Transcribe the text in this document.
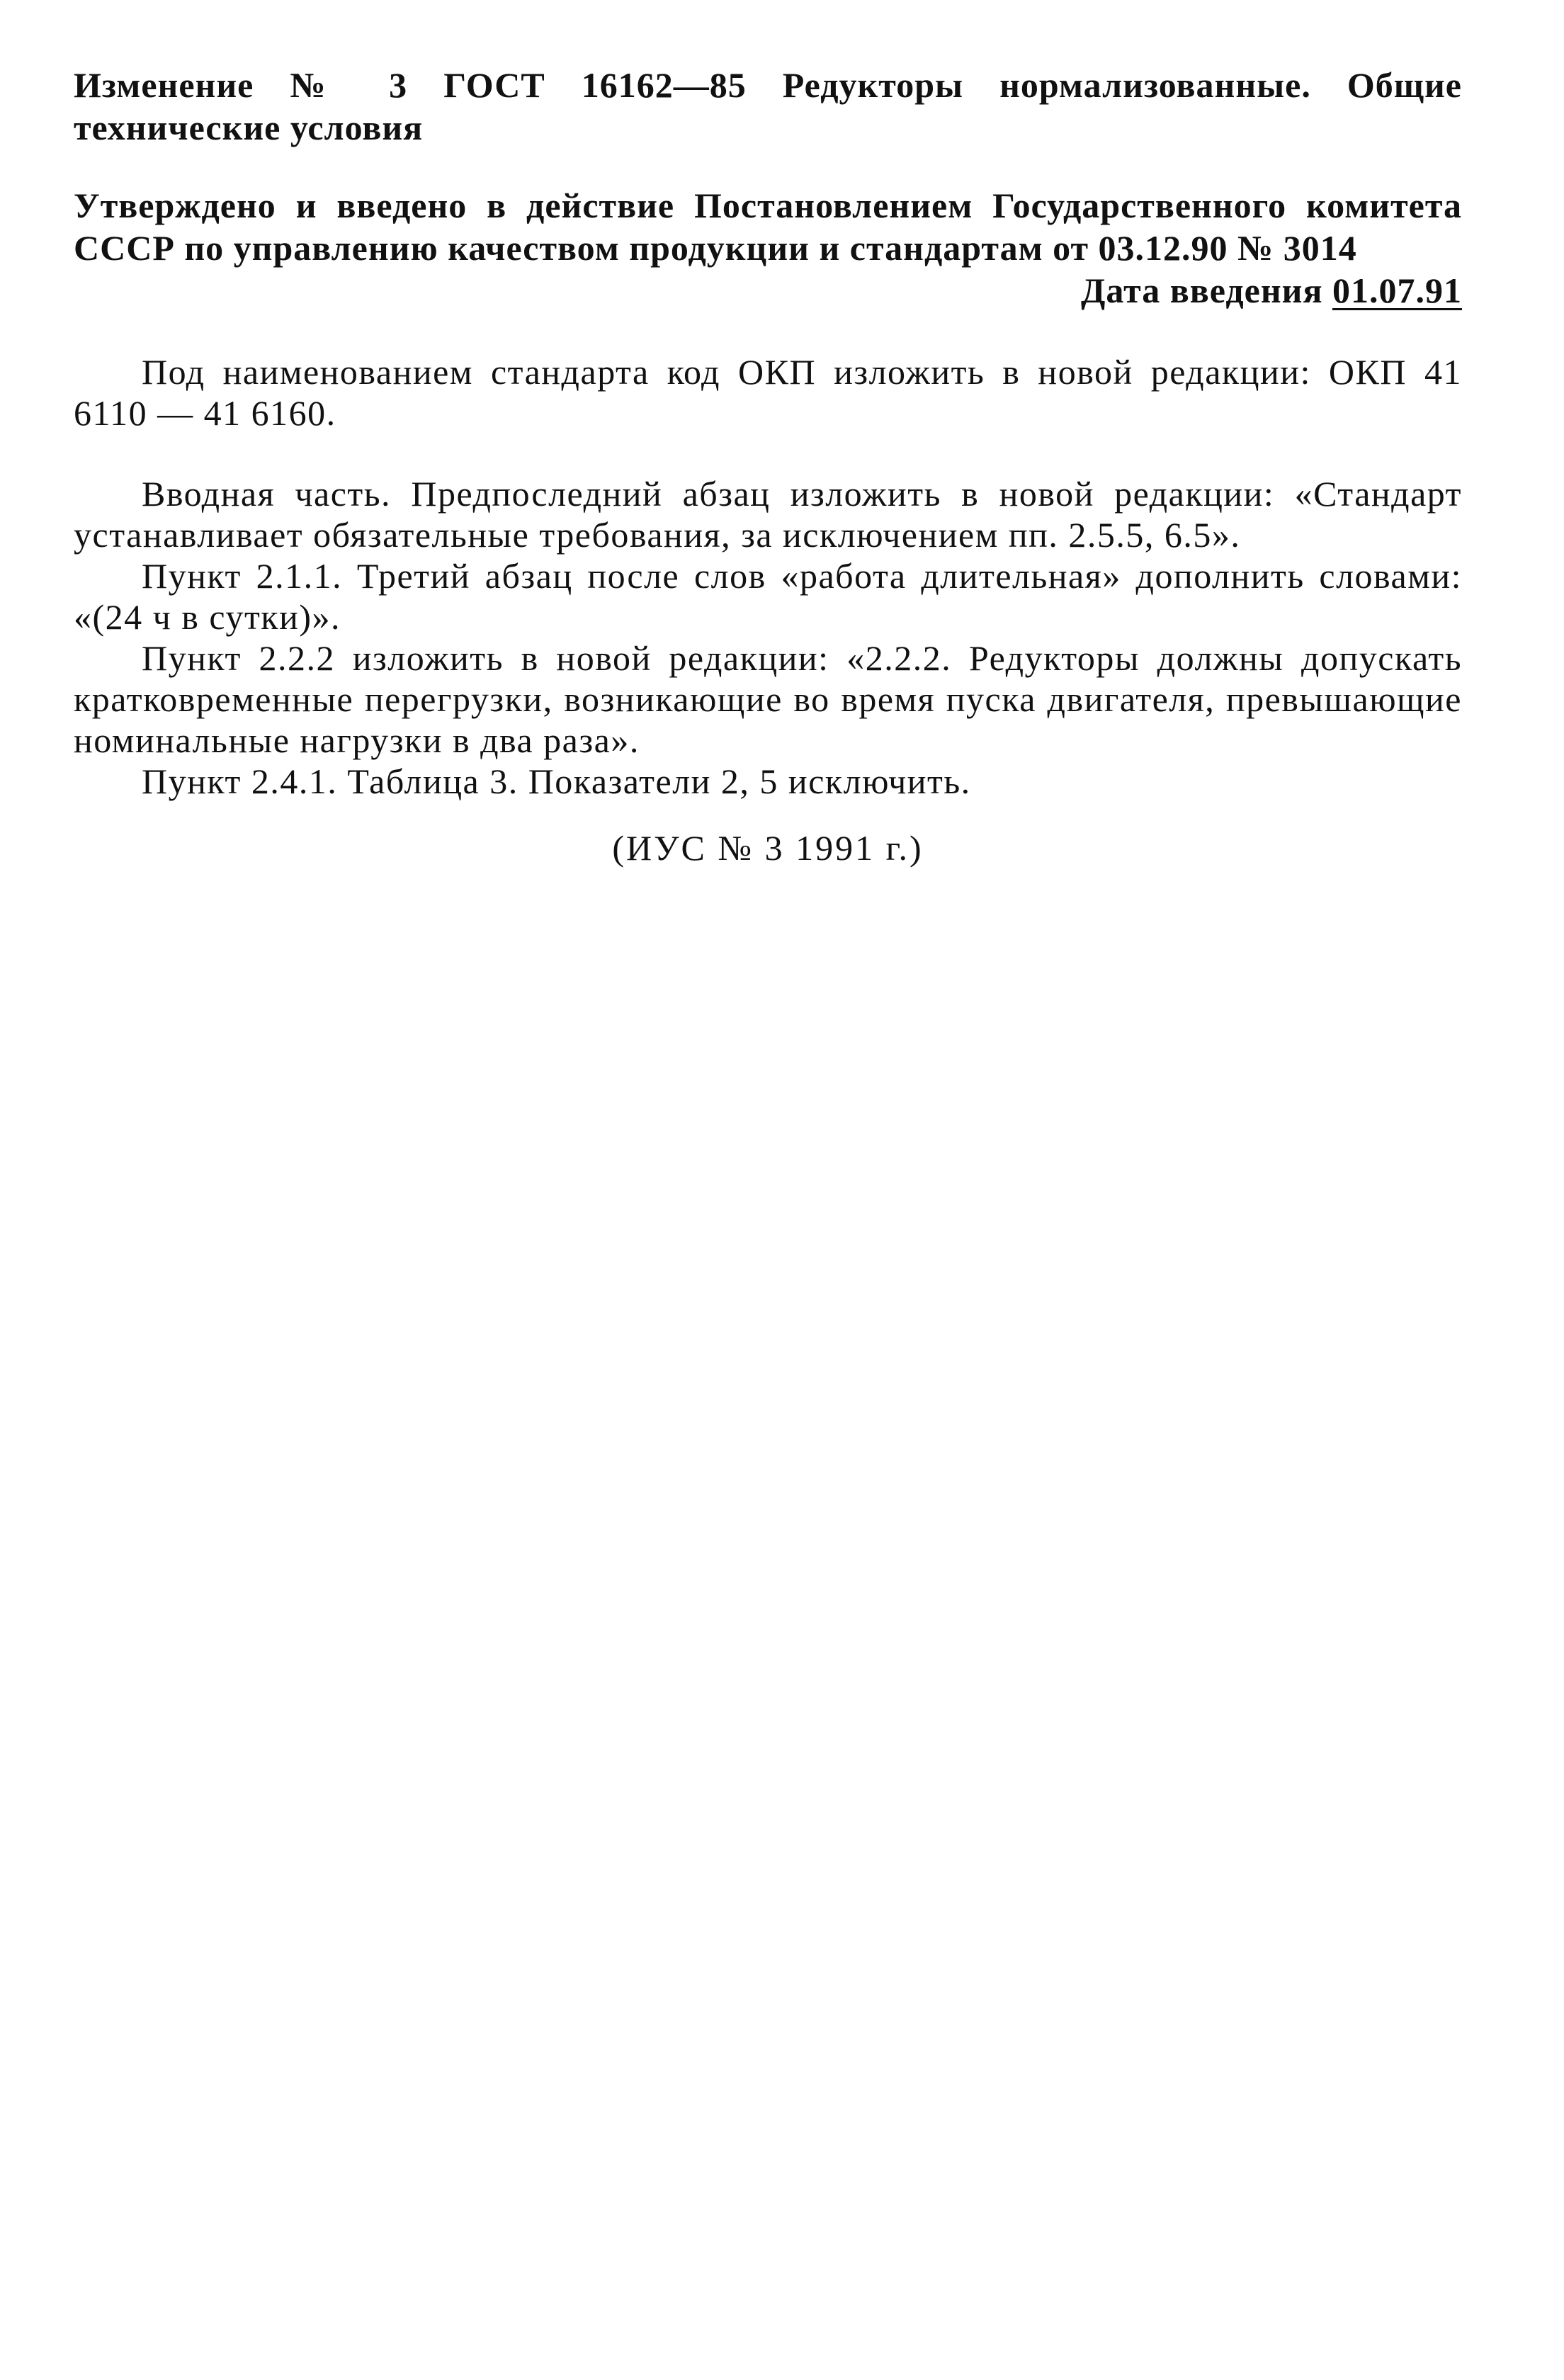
Изменение № 3 ГОСТ 16162—85 Редукторы нормализованные. Общие технические условия
Утверждено и введено в действие Постановлением Государственного комитета СССР по управлению качеством продукции и стандартам от 03.12.90 № 3014
Дата введения 01.07.91

Под наименованием стандарта код ОКП изложить в новой редакции: ОКП 41 6110 — 41 6160.

Вводная часть. Предпоследний абзац изложить в новой редакции: «Стандарт устанавливает обязательные требования, за исключением пп. 2.5.5, 6.5».

Пункт 2.1.1. Третий абзац после слов «работа длительная» дополнить словами: «(24 ч в сутки)».

Пункт 2.2.2 изложить в новой редакции: «2.2.2. Редукторы должны допускать кратковременные перегрузки, возникающие во время пуска двигателя, превышающие номинальные нагрузки в два раза».

Пункт 2.4.1. Таблица 3. Показатели 2, 5 исключить.

(ИУС № 3 1991 г.)
